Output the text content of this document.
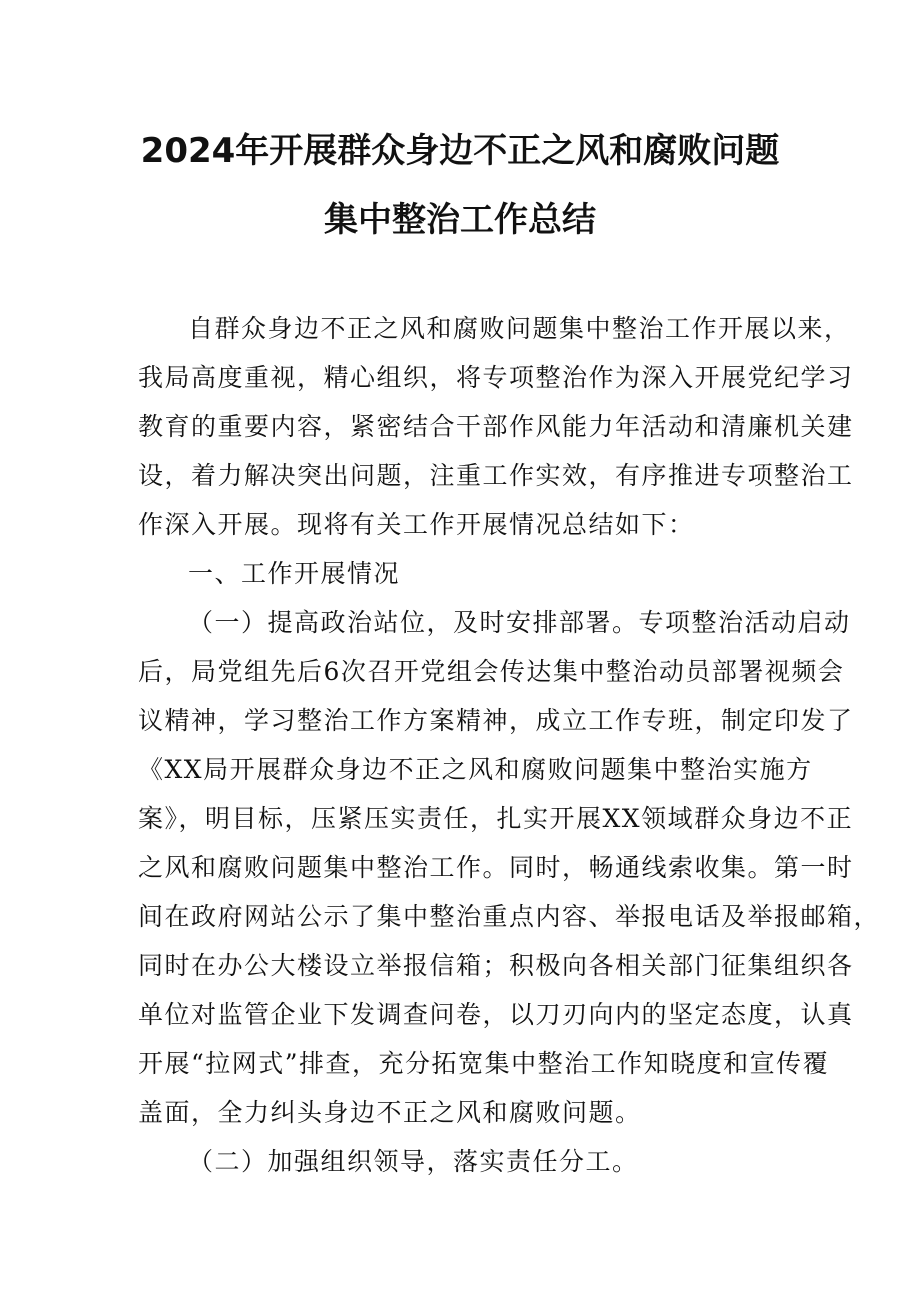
2024年开展群众身边不正之风和腐败问题
集中整治工作总结
自群众身边不正之风和腐败问题集中整治工作开展以来，
我局高度重视，精心组织，将专项整治作为深入开展党纪学习
教育的重要内容，紧密结合干部作风能力年活动和清廉机关建
设，着力解决突出问题，注重工作实效，有序推进专项整治工
作深入开展。现将有关工作开展情况总结如下：
一、工作开展情况
（一）提高政治站位，及时安排部署。专项整治活动启动
后，局党组先后6次召开党组会传达集中整治动员部署视频会
议精神，学习整治工作方案精神，成立工作专班，制定印发了
《XX局开展群众身边不正之风和腐败问题集中整治实施方
案》，明目标，压紧压实责任，扎实开展XX领域群众身边不正
之风和腐败问题集中整治工作。同时，畅通线索收集。第一时
间在政府网站公示了集中整治重点内容、举报电话及举报邮箱，
同时在办公大楼设立举报信箱；积极向各相关部门征集组织各
单位对监管企业下发调查问卷，以刀刃向内的坚定态度，认真
开展“拉网式”排查，充分拓宽集中整治工作知晓度和宣传覆
盖面，全力纠头身边不正之风和腐败问题。
（二）加强组织领导，落实责任分工。
